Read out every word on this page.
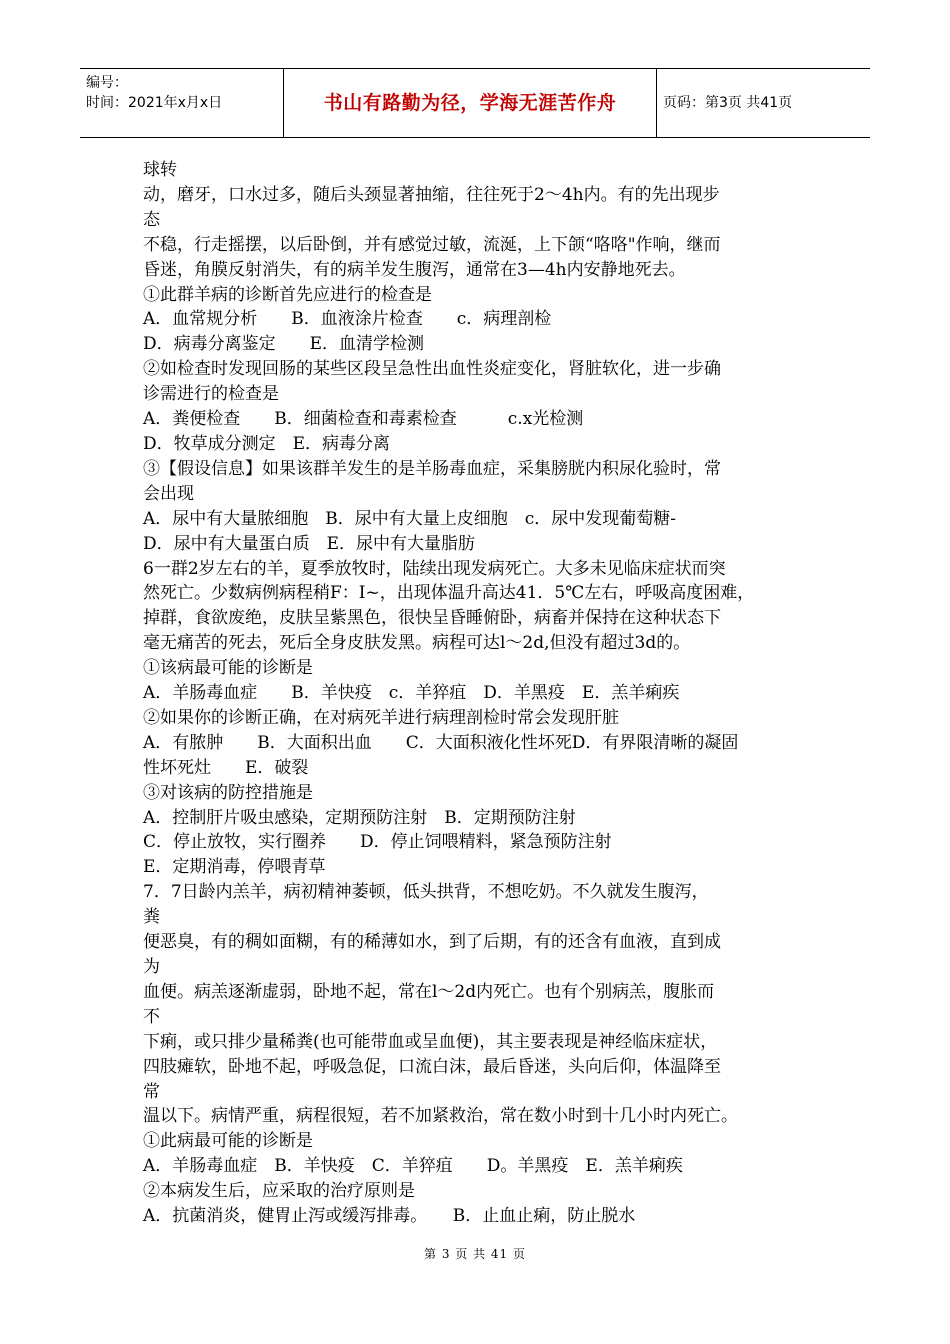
编号：
时间：2021年x月x日	书山有路勤为径，学海无涯苦作舟	页码：第3页 共41页
球转
动，磨牙，口水过多，随后头颈显著抽缩，往往死于2～4h内。有的先出现步
态
不稳，行走摇摆，以后卧倒，并有感觉过敏，流涎，上下颌“咯咯"作响，继而
昏迷，角膜反射消失，有的病羊发生腹泻，通常在3—4h内安静地死去。
①此群羊病的诊断首先应进行的检查是
A．血常规分析　　B．血液涂片检查　　c．病理剖检
D．病毒分离鉴定　　E．血清学检测
②如检查时发现回肠的某些区段呈急性出血性炎症变化，肾脏软化，进一步确
诊需进行的检查是
A．粪便检查　　B．细菌检查和毒素检查　　　c.x光检测
D．牧草成分测定　E．病毒分离
③【假设信息】如果该群羊发生的是羊肠毒血症，采集膀胱内积尿化验时，常
会出现
A．尿中有大量脓细胞　B．尿中有大量上皮细胞　c．尿中发现葡萄糖-
D．尿中有大量蛋白质　E．尿中有大量脂肪
6一群2岁左右的羊，夏季放牧时，陆续出现发病死亡。大多未见临床症状而突
然死亡。少数病例病程稍F：I~，出现体温升高达41．5℃左右，呼吸高度困难，
掉群，食欲废绝，皮肤呈紫黑色，很快呈昏睡俯卧，病畜并保持在这种状态下
毫无痛苦的死去，死后全身皮肤发黑。病程可达l～2d,但没有超过3d的。
①该病最可能的诊断是
A．羊肠毒血症　　B．羊快疫　c．羊猝疽　D．羊黑疫　E．羔羊痢疾
②如果你的诊断正确，在对病死羊进行病理剖检时常会发现肝脏
A．有脓肿　　B．大面积出血　　C．大面积液化性坏死D．有界限清晰的凝固
性坏死灶　　E．破裂
③对该病的防控措施是
A．控制肝片吸虫感染，定期预防注射　B．定期预防注射
C．停止放牧，实行圈养　　D．停止饲喂精料，紧急预防注射
E．定期消毒，停喂青草
7．7日龄内羔羊，病初精神萎顿，低头拱背，不想吃奶。不久就发生腹泻，
粪
便恶臭，有的稠如面糊，有的稀薄如水，到了后期，有的还含有血液，直到成
为
血便。病羔逐渐虚弱，卧地不起，常在l～2d内死亡。也有个别病羔，腹胀而
不
下痢，或只排少量稀粪(也可能带血或呈血便)，其主要表现是神经临床症状，
四肢瘫软，卧地不起，呼吸急促，口流白沫，最后昏迷，头向后仰，体温降至
常
温以下。病情严重，病程很短，若不加紧救治，常在数小时到十几小时内死亡。
①此病最可能的诊断是
A．羊肠毒血症　B．羊快疫　C．羊猝疽　　D。羊黑疫　E．羔羊痢疾
②本病发生后，应采取的治疗原则是
A．抗菌消炎，健胃止泻或缓泻排毒。　　B．止血止痢，防止脱水
第 3 页 共 41 页
